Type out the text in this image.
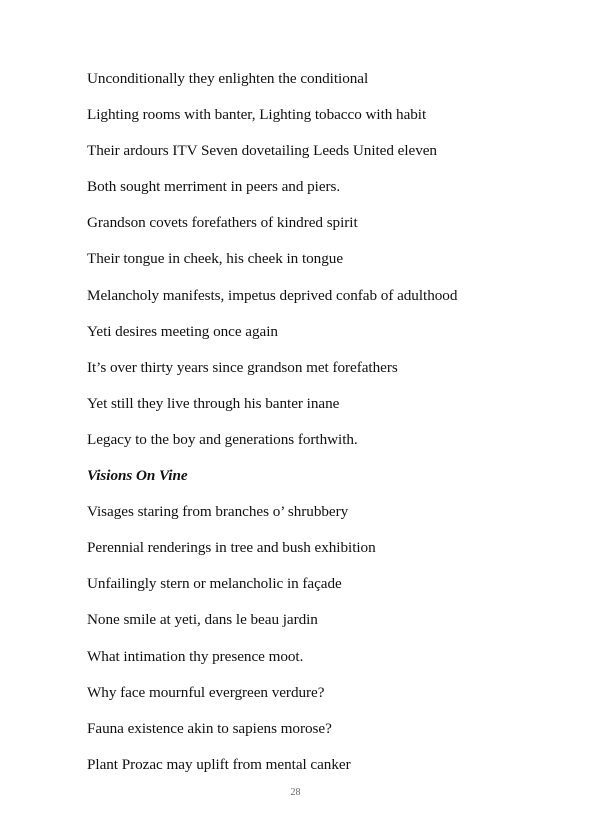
Unconditionally they enlighten the conditional
Lighting rooms with banter, Lighting tobacco with habit
Their ardours ITV Seven dovetailing Leeds United eleven
Both sought merriment in peers and piers.
Grandson covets forefathers of kindred spirit
Their tongue in cheek, his cheek in tongue
Melancholy manifests, impetus deprived confab of adulthood
Yeti desires meeting once again
It’s over thirty years since grandson met forefathers
Yet still they live through his banter inane
Legacy to the boy and generations forthwith.
Visions On Vine
Visages staring from branches o’ shrubbery
Perennial renderings in tree and bush exhibition
Unfailingly stern or melancholic in façade
None smile at yeti, dans le beau jardin
What intimation thy presence moot.
Why face mournful evergreen verdure?
Fauna existence akin to sapiens morose?
Plant Prozac may uplift from mental canker
28
